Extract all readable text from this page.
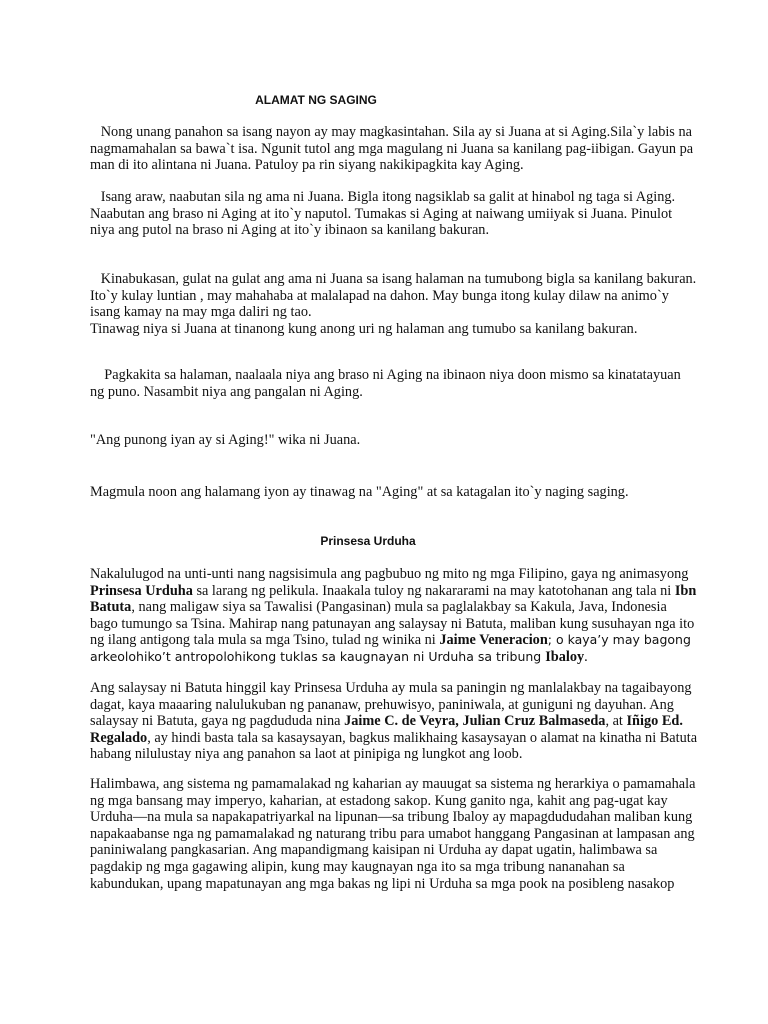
ALAMAT NG SAGING

Nong unang panahon sa isang nayon ay may magkasintahan. Sila ay si Juana at si Aging.Sila`y labis na
nagmamahalan sa bawa`t isa. Ngunit tutol ang mga magulang ni Juana sa kanilang pag-iibigan. Gayun pa
man di ito alintana ni Juana. Patuloy pa rin siyang nakikipagkita kay Aging.

Isang araw, naabutan sila ng ama ni Juana. Bigla itong nagsiklab sa galit at hinabol ng taga si Aging.
Naabutan ang braso ni Aging at ito`y naputol. Tumakas si Aging at naiwang umiiyak si Juana. Pinulot
niya ang putol na braso ni Aging at ito`y ibinaon sa kanilang bakuran.

Kinabukasan, gulat na gulat ang ama ni Juana sa isang halaman na tumubong bigla sa kanilang bakuran.
Ito`y kulay luntian , may mahahaba at malalapad na dahon. May bunga itong kulay dilaw na animo`y
isang kamay na may mga daliri ng tao.
Tinawag niya si Juana at tinanong kung anong uri ng halaman ang tumubo sa kanilang bakuran.

Pagkakita sa halaman, naalaala niya ang braso ni Aging na ibinaon niya doon mismo sa kinatatayuan
ng puno. Nasambit niya ang pangalan ni Aging.

"Ang punong iyan ay si Aging!" wika ni Juana.

Magmula noon ang halamang iyon ay tinawag na "Aging" at sa katagalan ito`y naging saging.

Prinsesa Urduha

Nakalulugod na unti-unti nang nagsisimula ang pagbubuo ng mito ng mga Filipino, gaya ng animasyong
Prinsesa Urduha sa larang ng pelikula. Inaakala tuloy ng nakararami na may katotohanan ang tala ni Ibn
Batuta, nang maligaw siya sa Tawalisi (Pangasinan) mula sa paglalakbay sa Kakula, Java, Indonesia
bago tumungo sa Tsina. Mahirap nang patunayan ang salaysay ni Batuta, maliban kung susuhayan nga ito
ng ilang antigong tala mula sa mga Tsino, tulad ng winika ni Jaime Veneracion; o kaya’y may bagong
arkeolohiko’t antropolohikong tuklas sa kaugnayan ni Urduha sa tribung Ibaloy.

Ang salaysay ni Batuta hinggil kay Prinsesa Urduha ay mula sa paningin ng manlalakbay na tagaibayong
dagat, kaya maaaring nalulukuban ng pananaw, prehuwisyo, paniniwala, at guniguni ng dayuhan. Ang
salaysay ni Batuta, gaya ng pagdududa nina Jaime C. de Veyra, Julian Cruz Balmaseda, at Iñigo Ed.
Regalado, ay hindi basta tala sa kasaysayan, bagkus malikhaing kasaysayan o alamat na kinatha ni Batuta
habang nilulustay niya ang panahon sa laot at pinipiga ng lungkot ang loob.

Halimbawa, ang sistema ng pamamalakad ng kaharian ay mauugat sa sistema ng herarkiya o pamamahala
ng mga bansang may imperyo, kaharian, at estadong sakop. Kung ganito nga, kahit ang pag-ugat kay
Urduha—na mula sa napakapatriyarkal na lipunan—sa tribung Ibaloy ay mapagdududahan maliban kung
napakaabanse nga ng pamamalakad ng naturang tribu para umabot hanggang Pangasinan at lampasan ang
paniniwalang pangkasarian. Ang mapandigmang kaisipan ni Urduha ay dapat ugatin, halimbawa sa
pagdakip ng mga gagawing alipin, kung may kaugnayan nga ito sa mga tribung nananahan sa
kabundukan, upang mapatunayan ang mga bakas ng lipi ni Urduha sa mga pook na posibleng nasakop
